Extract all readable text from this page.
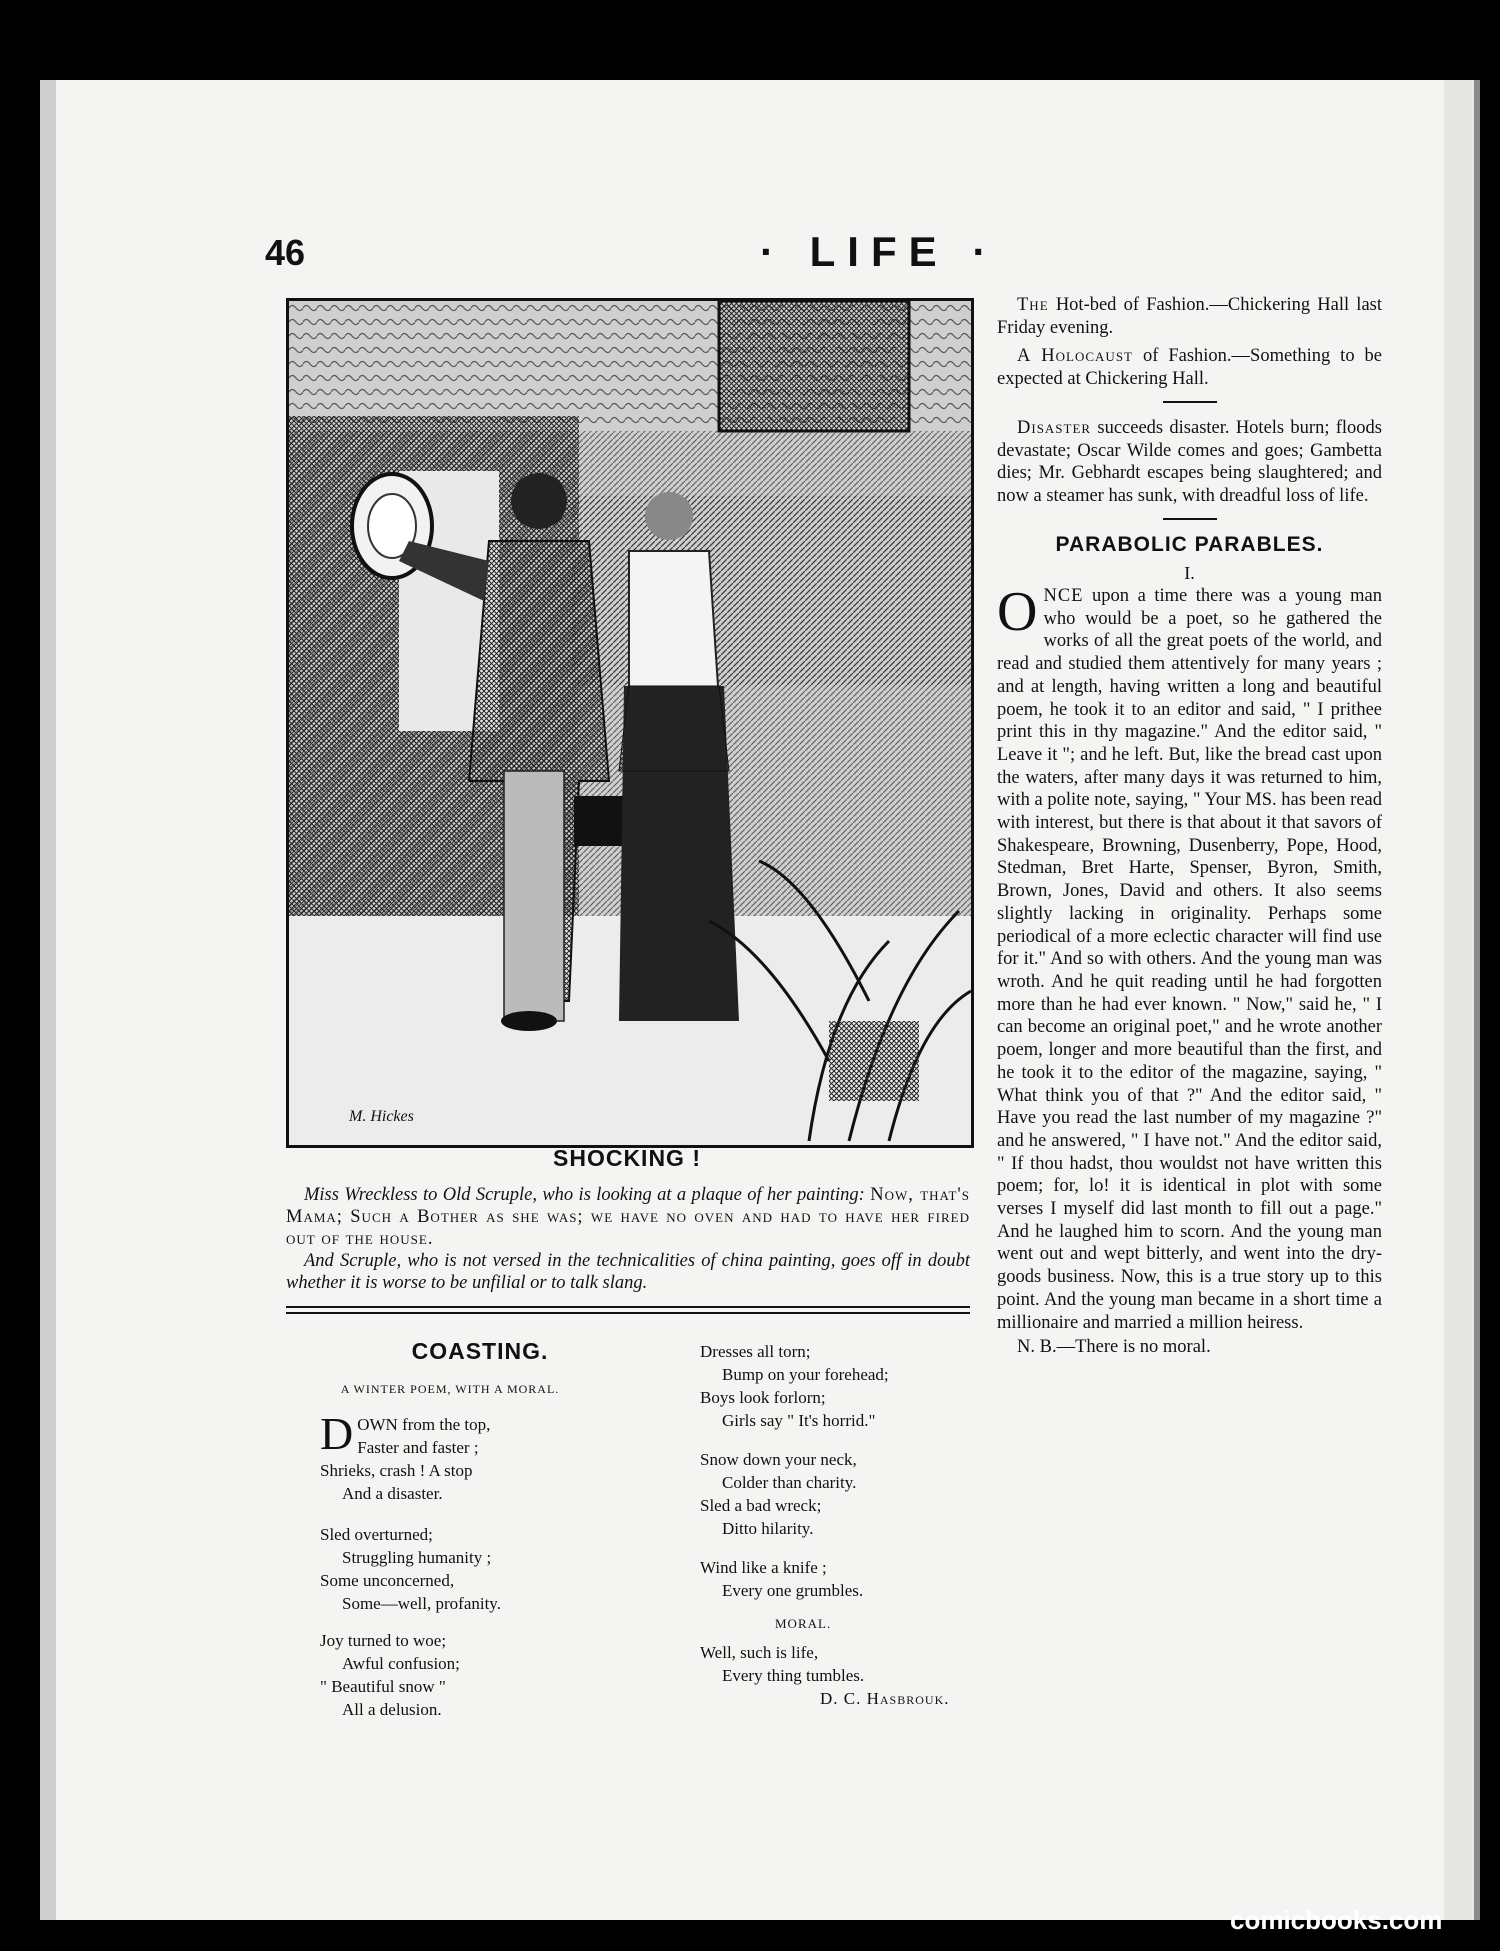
46	· LIFE ·
M. Hickes
SHOCKING !
Miss Wreckless to Old Scruple, who is looking at a plaque of her painting: Now, that's Mama; Such a Bother as she was; we have no oven and had to have her fired out of the house.
And Scruple, who is not versed in the technicalities of china painting, goes off in doubt whether it is worse to be unfilial or to talk slang.
COASTING.
A WINTER POEM, WITH A MORAL.
DOWN from the top,
Faster and faster ;
Shrieks, crash ! A stop
And a disaster.
Sled overturned;
Struggling humanity ;
Some unconcerned,
Some—well, profanity.
Joy turned to woe;
Awful confusion;
" Beautiful snow "
All a delusion.
Dresses all torn;
Bump on your forehead;
Boys look forlorn;
Girls say " It's horrid."
Snow down your neck,
Colder than charity.
Sled a bad wreck;
Ditto hilarity.
Wind like a knife ;
Every one grumbles.
MORAL.
Well, such is life,
Every thing tumbles.
D. C. Hasbrouk.

The Hot-bed of Fashion.—Chickering Hall last Friday evening.

A Holocaust of Fashion.—Something to be expected at Chickering Hall.

Disaster succeeds disaster. Hotels burn; floods devastate; Oscar Wilde comes and goes; Gambetta dies; Mr. Gebhardt escapes being slaughtered; and now a steamer has sunk, with dreadful loss of life.

PARABOLIC PARABLES.
I.
ONCE upon a time there was a young man who would be a poet, so he gathered the works of all the great poets of the world, and read and studied them attentively for many years ; and at length, having written a long and beautiful poem, he took it to an editor and said, " I prithee print this in thy magazine." And the editor said, " Leave it "; and he left. But, like the bread cast upon the waters, after many days it was returned to him, with a polite note, saying, " Your MS. has been read with interest, but there is that about it that savors of Shakespeare, Browning, Dusenberry, Pope, Hood, Stedman, Bret Harte, Spenser, Byron, Smith, Brown, Jones, David and others. It also seems slightly lacking in originality. Perhaps some periodical of a more eclectic character will find use for it." And so with others. And the young man was wroth. And he quit reading until he had forgotten more than he had ever known. " Now," said he, " I can become an original poet," and he wrote another poem, longer and more beautiful than the first, and he took it to the editor of the magazine, saying, " What think you of that ?" And the editor said, " Have you read the last number of my magazine ?" and he answered, " I have not." And the editor said, " If thou hadst, thou wouldst not have written this poem; for, lo! it is identical in plot with some verses I myself did last month to fill out a page." And he laughed him to scorn. And the young man went out and wept bitterly, and went into the dry-goods business. Now, this is a true story up to this point. And the young man became in a short time a millionaire and married a million heiress.
N. B.—There is no moral.
comicbooks.com
